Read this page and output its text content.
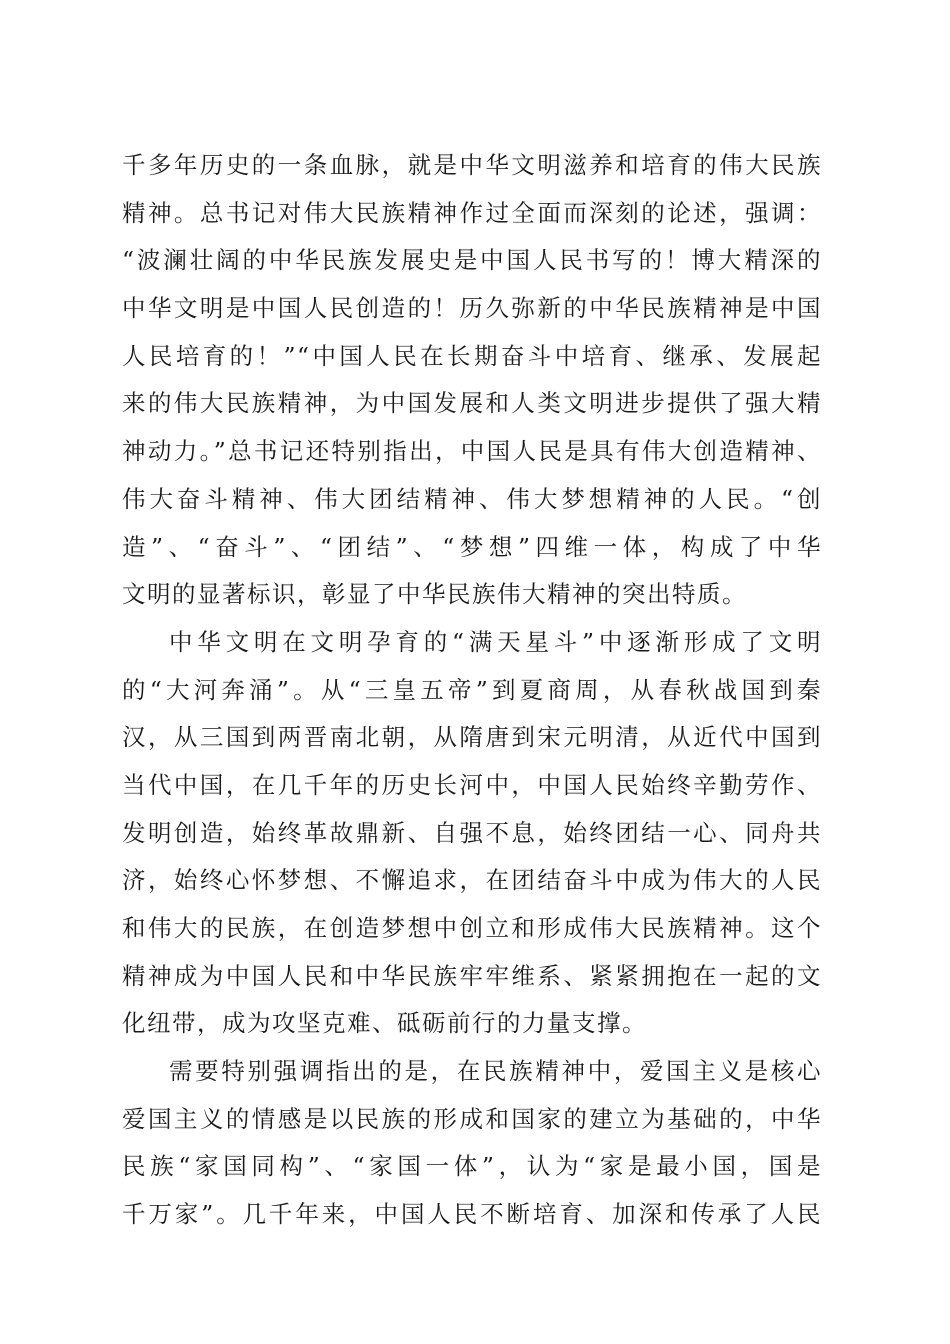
千多年历史的一条血脉，就是中华文明滋养和培育的伟大民族
精神。总书记对伟大民族精神作过全面而深刻的论述，强调：
“波澜壮阔的中华民族发展史是中国人民书写的！博大精深的
中华文明是中国人民创造的！历久弥新的中华民族精神是中国
人民培育的！”“中国人民在长期奋斗中培育、继承、发展起
来的伟大民族精神，为中国发展和人类文明进步提供了强大精
神动力。”总书记还特别指出，中国人民是具有伟大创造精神、
伟大奋斗精神、伟大团结精神、伟大梦想精神的人民。“创
造”、“奋斗”、“团结”、“梦想”四维一体，构成了中华
文明的显著标识，彰显了中华民族伟大精神的突出特质。
中华文明在文明孕育的“满天星斗”中逐渐形成了文明
的“大河奔涌”。从“三皇五帝”到夏商周，从春秋战国到秦
汉，从三国到两晋南北朝，从隋唐到宋元明清，从近代中国到
当代中国，在几千年的历史长河中，中国人民始终辛勤劳作、
发明创造，始终革故鼎新、自强不息，始终团结一心、同舟共
济，始终心怀梦想、不懈追求，在团结奋斗中成为伟大的人民
和伟大的民族，在创造梦想中创立和形成伟大民族精神。这个
精神成为中国人民和中华民族牢牢维系、紧紧拥抱在一起的文
化纽带，成为攻坚克难、砥砺前行的力量支撑。
需要特别强调指出的是，在民族精神中，爱国主义是核心
爱国主义的情感是以民族的形成和国家的建立为基础的，中华
民族“家国同构”、“家国一体”，认为“家是最小国，国是
千万家”。几千年来，中国人民不断培育、加深和传承了人民
